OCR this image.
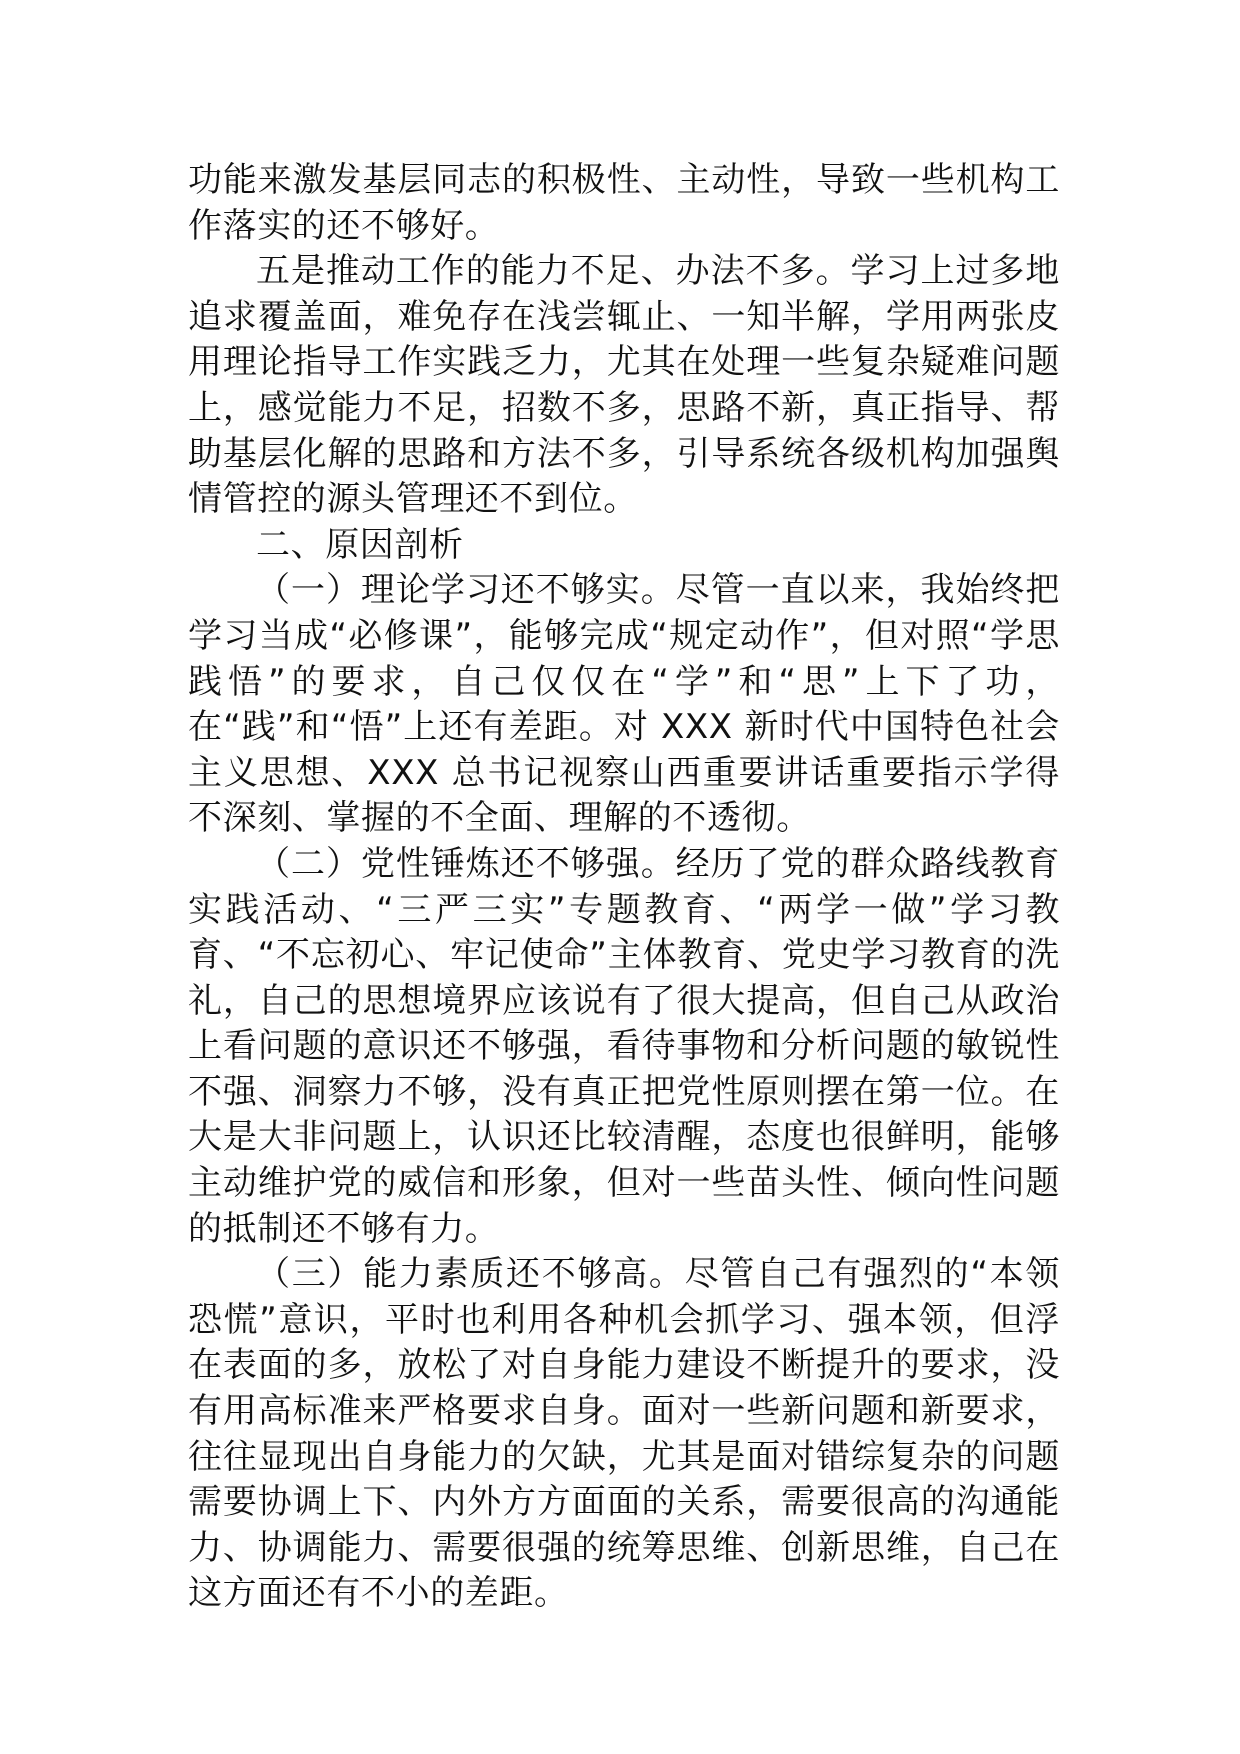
功能来激发基层同志的积极性、主动性，导致一些机构工作落实的还不够好。

五是推动工作的能力不足、办法不多。学习上过多地追求覆盖面，难免存在浅尝辄止、一知半解，学用两张皮用理论指导工作实践乏力，尤其在处理一些复杂疑难问题上，感觉能力不足，招数不多，思路不新，真正指导、帮助基层化解的思路和方法不多，引导系统各级机构加强舆情管控的源头管理还不到位。

二、原因剖析

（一）理论学习还不够实。尽管一直以来，我始终把学习当成“必修课”，能够完成“规定动作”，但对照“学思践悟”的要求，自己仅仅在“学”和“思”上下了功，在“践”和“悟”上还有差距。对 XXX 新时代中国特色社会主义思想、XXX 总书记视察山西重要讲话重要指示学得不深刻、掌握的不全面、理解的不透彻。

（二）党性锤炼还不够强。经历了党的群众路线教育实践活动、“三严三实”专题教育、“两学一做”学习教育、“不忘初心、牢记使命”主体教育、党史学习教育的洗礼，自己的思想境界应该说有了很大提高，但自己从政治上看问题的意识还不够强，看待事物和分析问题的敏锐性不强、洞察力不够，没有真正把党性原则摆在第一位。在大是大非问题上，认识还比较清醒，态度也很鲜明，能够主动维护党的威信和形象，但对一些苗头性、倾向性问题的抵制还不够有力。

（三）能力素质还不够高。尽管自己有强烈的“本领恐慌”意识，平时也利用各种机会抓学习、强本领，但浮在表面的多，放松了对自身能力建设不断提升的要求，没有用高标准来严格要求自身。面对一些新问题和新要求，往往显现出自身能力的欠缺，尤其是面对错综复杂的问题需要协调上下、内外方方面面的关系，需要很高的沟通能力、协调能力、需要很强的统筹思维、创新思维，自己在这方面还有不小的差距。
